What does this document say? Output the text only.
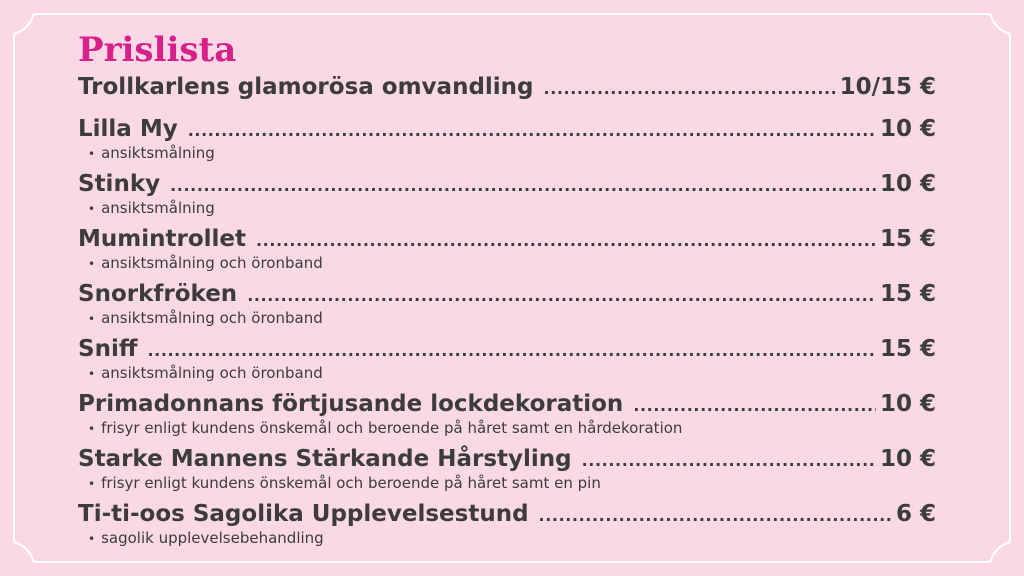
Prislista
Trollkarlens glamorösa omvandling .....	10/15 €
Lilla My .....	10 €
• ansiktsmålning
Stinky .....	10 €
• ansiktsmålning
Mumintrollet .....	15 €
• ansiktsmålning och öronband
Snorkfröken .....	15 €
• ansiktsmålning och öronband
Sniff .....	15 €
• ansiktsmålning och öronband
Primadonnans förtjusande lockdekoration .....	10 €
• frisyr enligt kundens önskemål och beroende på håret samt en hårdekoration
Starke Mannens Stärkande Hårstyling .....	10 €
• frisyr enligt kundens önskemål och beroende på håret samt en pin
Ti-ti-oos Sagolika Upplevelsestund .....	6 €
• sagolik upplevelsebehandling
